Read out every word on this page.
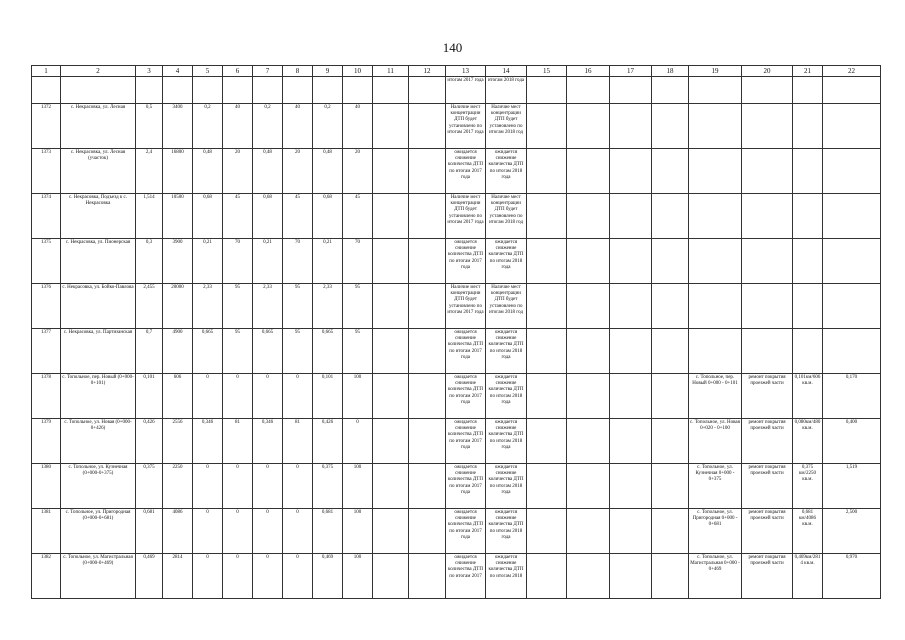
140
1	2	3	4	5	6	7	8	9	10	11	12	13	14	15	16	17	18	19	20	21	22
												итогам 2017 года	итогам 2018 года								
1372	с. Некрасовка, ул. Лесная	0,5	3400	0,2	40	0,2	40	0,2	40			Наличие мест концентрации ДТП будет установлено по итогам 2017 года	Наличие мест концентрации ДТП будет установлено по итогам 2018 год								
1373	с. Некрасовка, ул. Лесная (участок)	2,4	16800	0,48	20	0,48	20	0,48	20			ожидается снижение количества ДТП по итогам 2017 года	ожидается снижение количества ДТП по итогам 2018 года								
1374	с. Некрасовка, Подъезд к с. Некрасовка	1,514	10500	0,68	45	0,68	45	0,68	45			Наличие мест концентрации ДТП будет установлено по итогам 2017 года	Наличие мест концентрации ДТП будет установлено по итогам 2018 год								
1375	с. Некрасовка, ул. Пионерская	0,3	3900	0,21	70	0,21	70	0,21	70			ожидается снижение количества ДТП по итогам 2017 года	ожидается снижение количества ДТП по итогам 2018 года								
1376	с. Некрасовка, ул. Бойко-Павлова	2,455	20000	2,33	95	2,33	95	2,33	95			Наличие мест концентрации ДТП будет установлено по итогам 2017 года	Наличие мест концентрации ДТП будет установлено по итогам 2018 год								
1377	с. Некрасовка, ул. Партизанская	0,7	4900	0,665	95	0,665	95	0,665	95			ожидается снижение количества ДТП по итогам 2017 года	ожидается снижение количества ДТП по итогам 2018 года								
1378	с. Топольное, пер. Новый (0+000-0+101)	0,101	606	0	0	0	0	0,101	100			ожидается снижение количества ДТП по итогам 2017 года	ожидается снижение количества ДТП по итогам 2018 года					с. Топольное, пер. Новый 0+000 - 0+101	ремонт покрытия проезжей части	0,101км/606 кв.м.	0,170
1379	с. Топольное, ул. Новая (0+000-0+426)	0,426	2556	0,346	81	0,346	81	0,426	0			ожидается снижение количества ДТП по итогам 2017 года	ожидается снижение количества ДТП по итогам 2018 года					с. Топольное, ул. Новая 0+020 - 0+100	ремонт покрытия проезжей части	0,080км/480 кв.м.	0,400
1380	с. Топольное, ул. Кузнечная (0+000-0+375)	0,375	2250	0	0	0	0	0,375	100			ожидается снижение количества ДТП по итогам 2017 года	ожидается снижение количества ДТП по итогам 2018 года					с. Топольное, ул. Кузнечная 0+000 - 0+375	ремонт покрытия проезжей части	0,375 км/2250 кв.м.	1,519
1381	с. Топольное, ул. Пригородная (0+000-0+681)	0,681	4086	0	0	0	0	0,681	100			ожидается снижение количества ДТП по итогам 2017 года	ожидается снижение количества ДТП по итогам 2018 года					с. Топольное, ул. Пригородная 0+000 - 0+681	ремонт покрытия проезжей части	0,681 км/4086 кв.м.	2,500
1382	с. Топольное, ул. Магистральная (0+000-0+469)	0,469	2814	0	0	0	0	0,469	100			ожидается снижение количества ДТП по итогам 2017	ожидается снижение количества ДТП по итогам 2018					с. Топольное, ул. Магистральная 0+000 - 0+469	ремонт покрытия проезжей части	0,469км/2814 кв.м.	0,970
